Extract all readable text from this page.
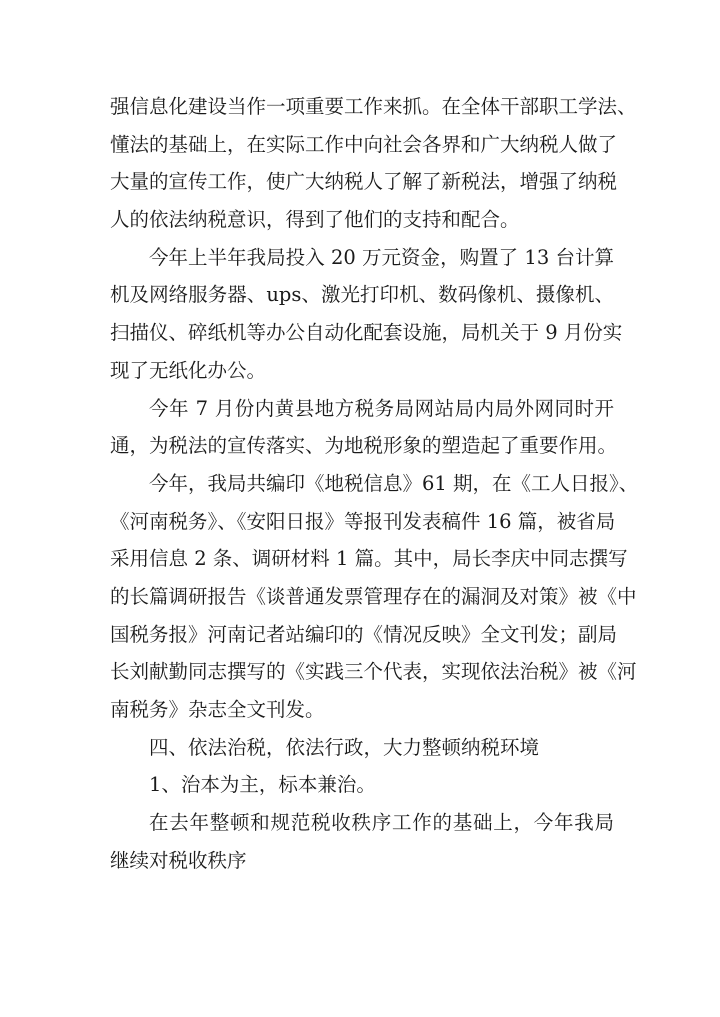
强信息化建设当作一项重要工作来抓。在全体干部职工学法、
懂法的基础上，在实际工作中向社会各界和广大纳税人做了
大量的宣传工作，使广大纳税人了解了新税法，增强了纳税
人的依法纳税意识，得到了他们的支持和配合。
今年上半年我局投入 20 万元资金，购置了 13 台计算
机及网络服务器、ups、激光打印机、数码像机、摄像机、
扫描仪、碎纸机等办公自动化配套设施，局机关于 9 月份实
现了无纸化办公。
今年 7 月份内黄县地方税务局网站局内局外网同时开
通，为税法的宣传落实、为地税形象的塑造起了重要作用。
今年，我局共编印《地税信息》61 期，在《工人日报》、
《河南税务》、《安阳日报》等报刊发表稿件 16 篇，被省局
采用信息 2 条、调研材料 1 篇。其中，局长李庆中同志撰写
的长篇调研报告《谈普通发票管理存在的漏洞及对策》被《中
国税务报》河南记者站编印的《情况反映》全文刊发；副局
长刘献勤同志撰写的《实践三个代表，实现依法治税》被《河
南税务》杂志全文刊发。
四、依法治税，依法行政，大力整顿纳税环境
1、治本为主，标本兼治。
在去年整顿和规范税收秩序工作的基础上，今年我局
继续对税收秩序
